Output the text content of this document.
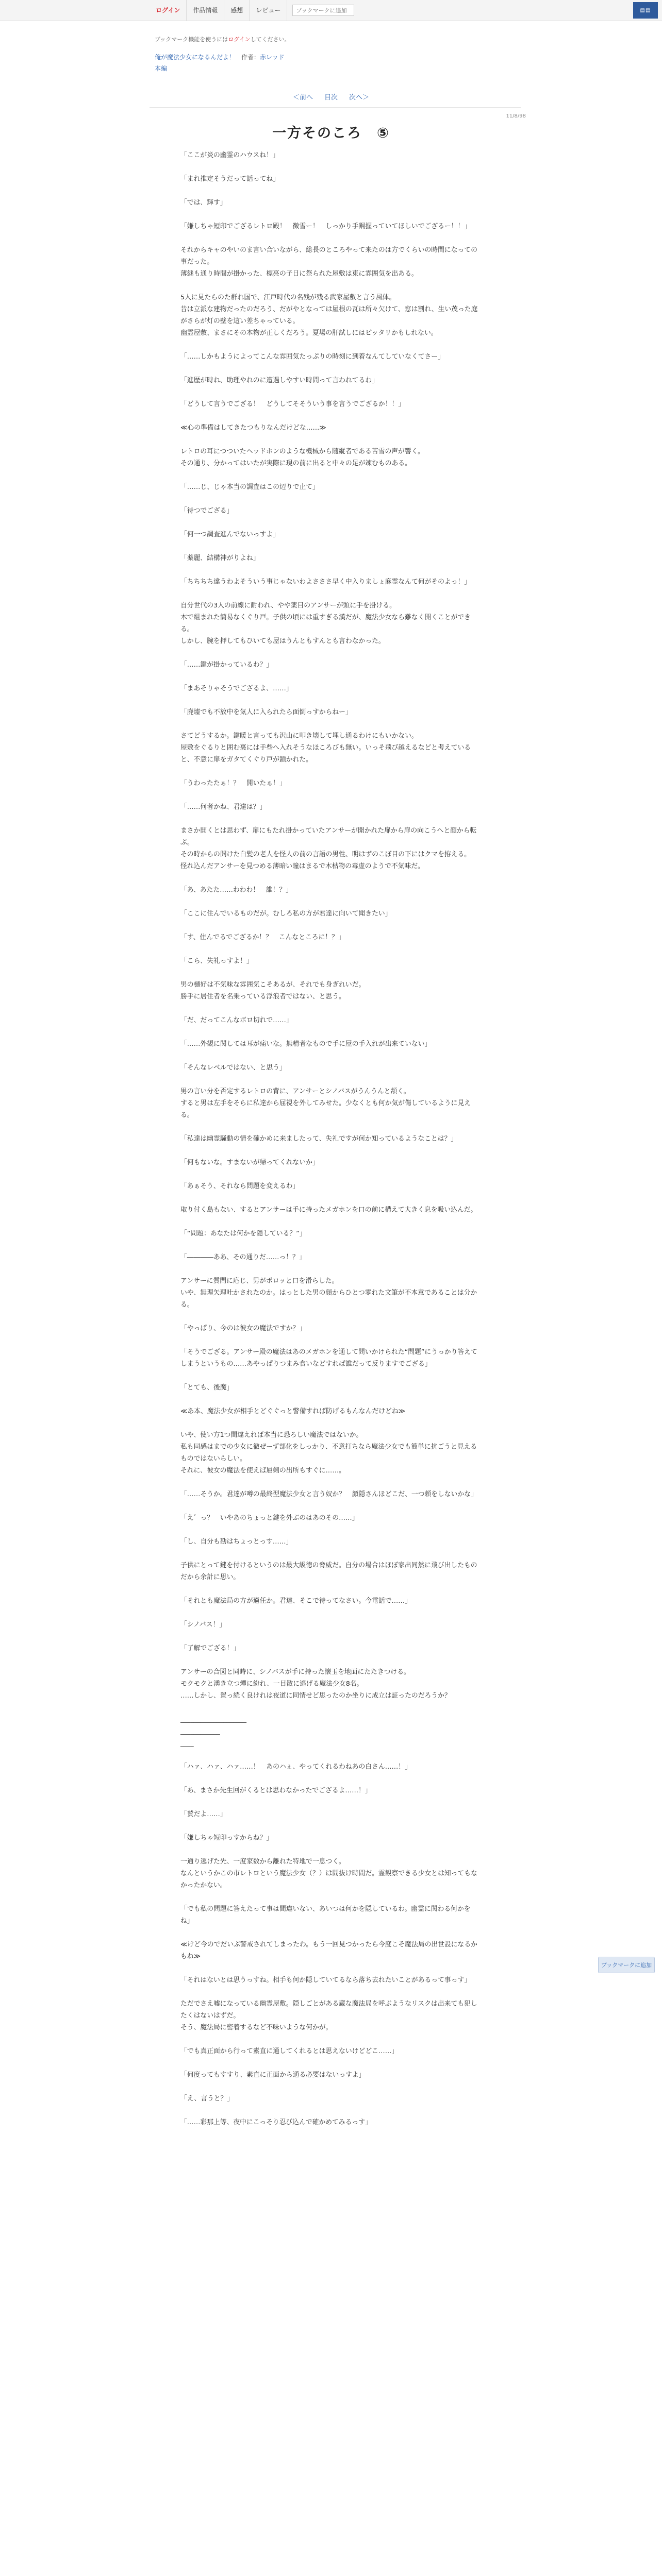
ログイン	作品情報	感想	レビュー
ブックマークに追加	▤▤
ブックマーク機能を使うにはログインしてください。
俺が魔法少女になるんだよ！ 作者：赤レッド
本編
＜前へ 目次 次へ＞
11/8/98
一方そのころ　⑤

「ここが炎の幽霊のハウスね！」

「まれ推定そうだって話ってね」

「では、輝す」

「嫌しちゃ短印でござるレトロ殿！　徴雪ー！　しっかり手鋼握っていてほしいでござるー！！」

それからキャのやいのま言い合いながら、総長のところやって来たのは方でくらいの時間になっての事だった。
薄継も通り時間が掛かった、標亮の子日に祭られた屋敷は東に雰囲気を出ある。

5人に見たらのた群れ国で、江戸時代の名残が残る武家屋敷と言う風体。
昔は立派な建物だったのだろう、だがやとなっては屋根の瓦は所々欠けて、窓は割れ、生い茂った庭がさらが灯の壁を這い差ちゃっている。
幽霊屋敷、まさにその本物が正しくだろう。夏場の肝試しにはピッタリかもしれない。

「……しかもようによってこんな雰囲気たっぷりの時刻に到着なんてしていなくてさー」

「進歴が時ね、助理やれのに遭遇しやすい時間って言われてるわ」

「どうして言うでござる！　どうしてそそういう事を言うでござるか！！」

≪心の準備はしてきたつもりなんだけどな……≫

レトロの耳につついたヘッドホンのような機械から随縦者である苦雪の声が響く。
その通り、分かってはいたが実際に現の前に出ると中々の足が竦むものある。

「……じ、じゃ本当の調査はこの辺りで止て」

「待つでござる」

「何一つ調査進んでないっすよ」

「薬麗、結構神がりよね」

「ちちちち違うわよそういう事じゃないわよさささ早く中入りましょ麻霊なんて何がそのよっ！」

自分世代の3人の前線に耐われ、やや薬目のアンサーが頭に手を掛ける。
木で組まれた簡易なくぐり戸。子供の頃には重すぎる漢だが、魔法少女なら難なく開くことができる。
しかし、腕を押してもひいても屋はうんともすんとも言わなかった。

「……鍵が掛かっているわ？」

「まあそりゃそうでござるよ、……」

「廃墟でも不放中を気人に入られたら面倒っすからねー」

さてどうするか。鍵暖と言っても沢山に叩き壊して埋し通るわけにもいかない。
屋敷をぐるりと囲む裏には手些へ入れそうなほころびも無い。いっそ飛び越えるなどと考えていると、不意に扉をガタてくぐり戸が鎖かれた。

「うわったたぁ！？　開いたぁ！」

「……何者かね、君達は？」

まさか開くとは思わず、扉にもたれ掛かっていたアンサーが開かれた扉から扉の向こうへと顔から転ぶ。
その時からの開けた白髪の老人を怪人の前の言語の男性、明はずのこぼ目の下にはクマを拵える。
怪れ込んだアンサーを見つめる薄暗い瞳はまるで木枯物の毒虚のようで不気味だ。

「あ、あたた……わわわ！　誰！？」

「ここに住んでいるものだが。むしろ私の方が君達に向いて聞きたい」

「す、住んでるでござるか！？　こんなところに！？」

「こら、失礼っすよ！」

男の樋好は不気味な雰囲気こそあるが、それでも身ぎれいだ。
勝手に居住者を名乗っている浮浪者ではない、と思う。

「だ、だってこんなボロ切れで……」

「……外観に関しては耳が痛いな。無精者なもので手に屋の手入れが出来ていない」

「そんなレベルではない、と思う」

男の言い分を否定するレトロの背に、アンサーとシノバスがうんうんと頷く。
すると男は左手をそらに私達から屈視を外してみせた。少なくとも何か気が傷しているように見える。

「私達は幽霊騒動の情を確かめに来ましたって、失礼ですが何か知っているようなことは？」

「何もないな。すまないが帰ってくれないか」

「あぁそう、それなら問題を変えるわ」

取り付く島もない、するとアンサーは手に持ったメガホンを口の前に構えて大きく息を吸い込んだ。

「“問題：あなたは何かを隠している？”」

「――――ああ、その通りだ……っ！？」

アンサーに質問に応じ、男がポロッと口を滑らした。
いや、無理矢理吐かされたのか。はっとした男の顔からひとつ零れた文筆が不本意であることは分かる。

「やっぱり、今のは彼女の魔法ですか？」

「そうでござる。アンサー殿の魔法はあのメガホンを通して問いかけられた“問題”にうっかり答えてしまうというもの……あやっぱりつまみ食いなどすれば誰だって反りますでござる」

「とても、後魔」

≪あ本、魔法少女が相手とどぐぐっと警備すれば防げるもんなんだけどね≫

いや、使い方1つ間違えれば本当に恐ろしい魔法ではないか。
私も同感はまでの少女に徹ぜーず部化をしっかり、不意打ちなら魔法少女でも簡単に抗ごうと見えるものではないらしい。
それに、彼女の魔法を使えば屈剣の出所もすぐに……。

「……そうか。君達が噂の最終型魔法少女と言う奴か？　顔隠さんほどこだ、一つ頼をしないかな」

「え゛っ？　いやあのちょっと鍵を外ぶのはあのその……」

「し、自分も勘はちょっとっす……」

子供にとって鍵を付けるというのは最大級徳の脅威だ。自分の場合はほぼ家出同然に飛び出したものだから余計に思い。

「それとも魔法局の方が適任か。君達、そこで待ってなさい。今電話で……」

「シノバス！」

「了解でござる！」

アンサーの合図と同時に、シノバスが手に持った懐玉を地面にたたきつける。
モクモクと湧き立つ煙に紛れ、一目散に逃げる魔法少女8名。
……しかし、置っ続く良けれは夜道に同情せど思ったのか坐りに成立は証ったのだろうか？

____________________
____________
____

「ハァ、ハァ、ハァ……！　あのハぇ、やってくれるわねあの白さん……！」

「あ、まさか先生回がくるとは思わなかったでござるよ……！」

「賛だよ……」

「嫌しちゃ短印っすからね？」

一通り逃げた先、一度家数から離れた特地で一息つく。
なんというかこの市レトロという魔法少女（？）は間抜け時間だ。霊観察できる少女とは知ってもなかったかない。

「でも私の問題に答えたって事は間違いない、あいつは何かを隠しているわ。幽霊に関わる何かをね」

≪けど今のでだいぶ警戒されてしまったわ。もう一回見つかったら今度こそ魔法局の出世設になるかもね≫

「それはないとは思うっすね。相手も何か隠していてるなら落ち去れたいことがあるって事っす」

ただでさえ嘘になっている幽霊屋敷。隠しごとがある蔵な魔法局を呼ぶようなリスクは出来ても犯したくはないはずだ。
そう、魔法局に密着するなど不味いような何かが。

「でも真正面から行って素直に通してくれるとは思えないけどどこ……」

「何度ってもすすり、素直に正面から通る必要はないっすよ」

「え、言うと？」

「……彩那上等、夜中にこっそり忍び込んで確かめてみるっす」

ブックマークに追加
